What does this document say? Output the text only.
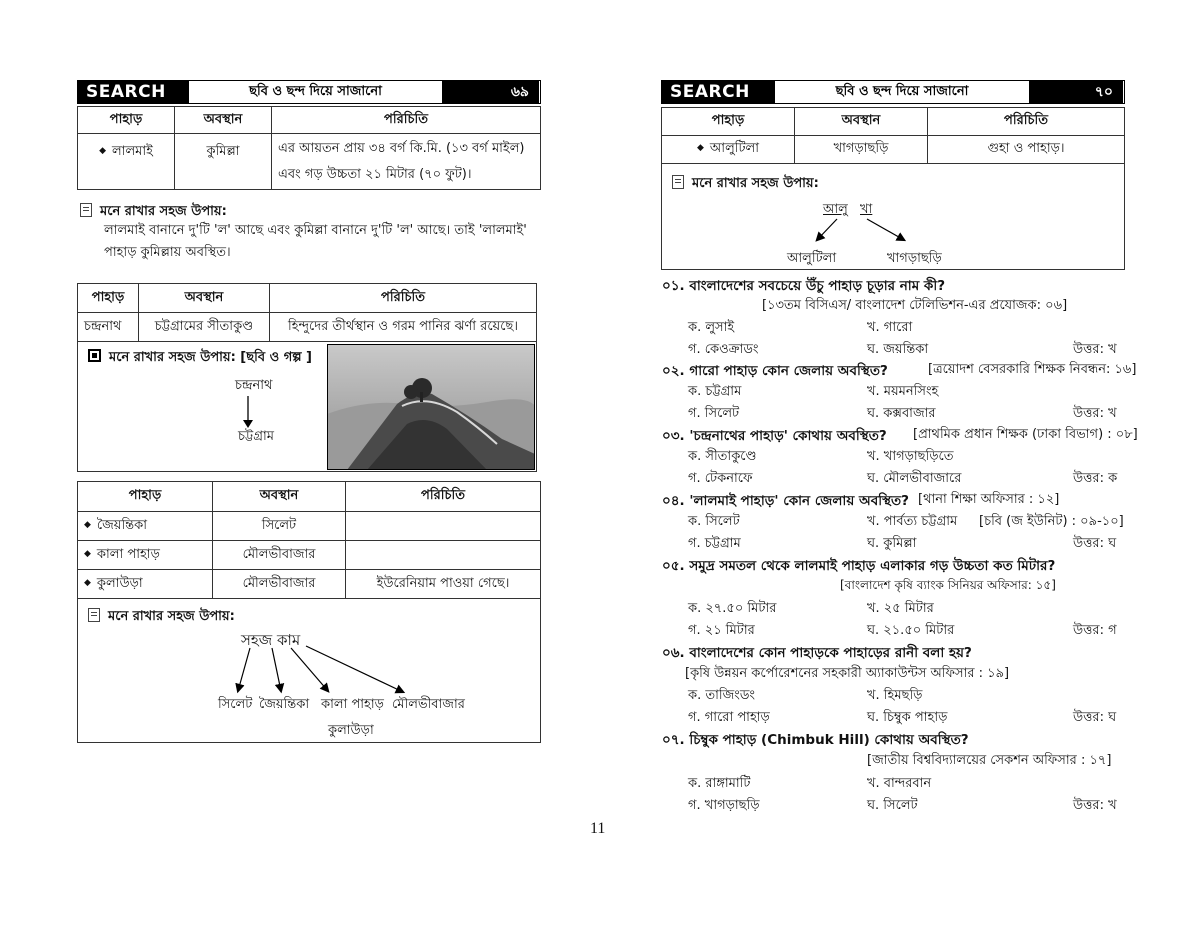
SEARCH	ছবি ও ছন্দ দিয়ে সাজানো	৬৯
পাহাড়	অবস্থান	পরিচিতি
◆ লালমাই	কুমিল্লা	এর আয়তন প্রায় ৩৪ বর্গ কি.মি. (১৩ বর্গ মাইল)
এবং গড় উচ্চতা ২১ মিটার (৭০ ফুট)।
মনে রাখার সহজ উপায়:
লালমাই বানানে দু'টি 'ল' আছে এবং কুমিল্লা বানানে দু'টি 'ল' আছে। তাই 'লালমাই'
পাহাড় কুমিল্লায় অবস্থিত।
পাহাড়	অবস্থান	পরিচিতি
চন্দ্রনাথ	চট্টগ্রামের সীতাকুণ্ড	হিন্দুদের তীর্থস্থান ও গরম পানির ঝর্ণা রয়েছে।
মনে রাখার সহজ উপায়: [ছবি ও গল্প ]
চন্দ্রনাথ
চট্টগ্রাম
পাহাড়	অবস্থান	পরিচিতি
◆ জৈয়ন্তিকা	সিলেট	
◆ কালা পাহাড়	মৌলভীবাজার	
◆ কুলাউড়া	মৌলভীবাজার	ইউরেনিয়াম পাওয়া গেছে।
মনে রাখার সহজ উপায়:
সহজ কাম
সিলেট জৈয়ন্তিকা কালা পাহাড় মৌলভীবাজার
কুলাউড়া
SEARCH	ছবি ও ছন্দ দিয়ে সাজানো	৭০
পাহাড়	অবস্থান	পরিচিতি
◆ আলুটিলা	খাগড়াছড়ি	গুহা ও পাহাড়।
মনে রাখার সহজ উপায়:
আলু খা
আলুটিলা	খাগড়াছড়ি
০১. বাংলাদেশের সবচেয়ে উঁচু পাহাড় চূড়ার নাম কী?
[১৩তম বিসিএস/ বাংলাদেশ টেলিভিশন-এর প্রযোজক: ০৬]
ক. লুসাই	খ. গারো
গ. কেওক্রাডং	ঘ. জয়ন্তিকা	উত্তর: খ
০২. গারো পাহাড় কোন জেলায় অবস্থিত?	[ত্রয়োদশ বেসরকারি শিক্ষক নিবন্ধন: ১৬]
ক. চট্টগ্রাম	খ. ময়মনসিংহ
গ. সিলেট	ঘ. কক্সবাজার	উত্তর: খ
০৩. 'চন্দ্রনাথের পাহাড়' কোথায় অবস্থিত? [প্রাথমিক প্রধান শিক্ষক (ঢাকা বিভাগ) : ০৮]
ক. সীতাকুণ্ডে	খ. খাগড়াছড়িতে
গ. টেকনাফে	ঘ. মৌলভীবাজারে	উত্তর: ক
০৪. 'লালমাই পাহাড়' কোন জেলায় অবস্থিত? [থানা শিক্ষা অফিসার : ১২]
ক. সিলেট	খ. পার্বত্য চট্টগ্রাম [চবি (জ ইউনিট) : ০৯-১০]
গ. চট্টগ্রাম	ঘ. কুমিল্লা	উত্তর: ঘ
০৫. সমুদ্র সমতল থেকে লালমাই পাহাড় এলাকার গড় উচ্চতা কত মিটার?
[বাংলাদেশ কৃষি ব্যাংক সিনিয়র অফিসার: ১৫]
ক. ২৭.৫০ মিটার	খ. ২৫ মিটার
গ. ২১ মিটার	ঘ. ২১.৫০ মিটার	উত্তর: গ
০৬. বাংলাদেশের কোন পাহাড়কে পাহাড়ের রানী বলা হয়?
[কৃষি উন্নয়ন কর্পোরেশনের সহকারী অ্যাকাউন্টস অফিসার : ১৯]
ক. তাজিংডং	খ. হিমছড়ি
গ. গারো পাহাড়	ঘ. চিম্বুক পাহাড়	উত্তর: ঘ
০৭. চিম্বুক পাহাড় (Chimbuk Hill) কোথায় অবস্থিত?
[জাতীয় বিশ্ববিদ্যালয়ের সেকশন অফিসার : ১৭]
ক. রাঙ্গামাটি	খ. বান্দরবান
গ. খাগড়াছড়ি	ঘ. সিলেট	উত্তর: খ
11
